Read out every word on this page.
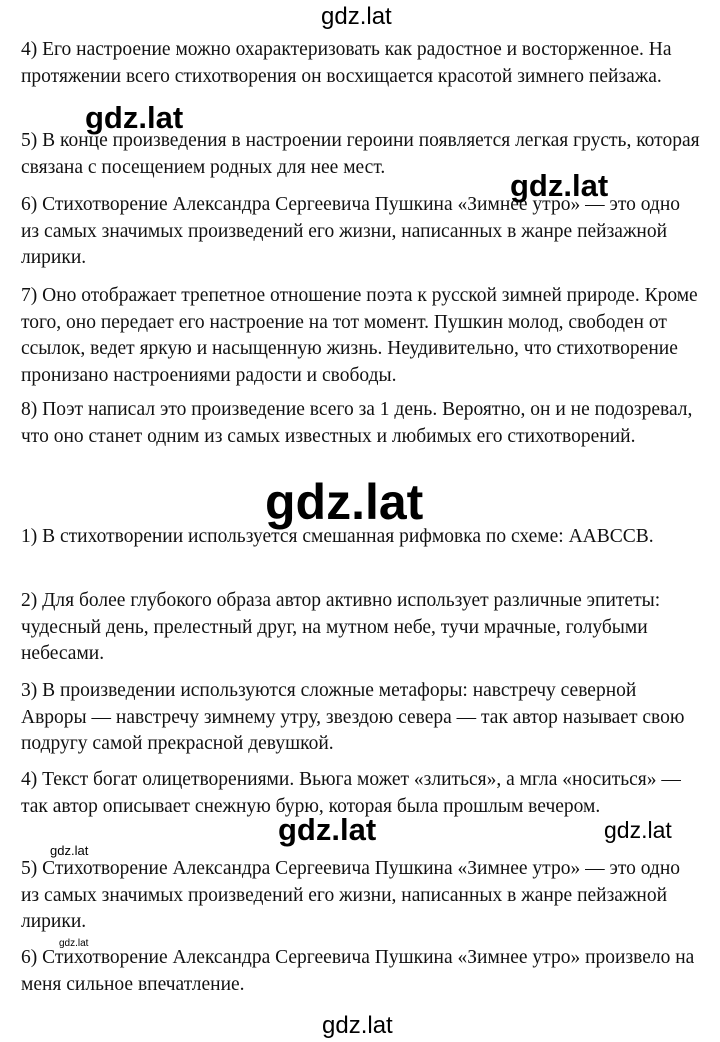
4) Его настроение можно охарактеризовать как радостное и восторженное. На протяжении всего стихотворения он восхищается красотой зимнего пейзажа.

5) В конце произведения в настроении героини появляется легкая грусть, которая связана с посещением родных для нее мест.

6) Стихотворение Александра Сергеевича Пушкина «Зимнее утро» — это одно из самых значимых произведений его жизни, написанных в жанре пейзажной лирики.

7) Оно отображает трепетное отношение поэта к русской зимней природе. Кроме того, оно передает его настроение на тот момент. Пушкин молод, свободен от ссылок, ведет яркую и насыщенную жизнь. Неудивительно, что стихотворение пронизано настроениями радости и свободы.

8) Поэт написал это произведение всего за 1 день. Вероятно, он и не подозревал, что оно станет одним из самых известных и любимых его стихотворений.

1) В стихотворении используется смешанная рифмовка по схеме: ААВССВ.

2) Для более глубокого образа автор активно использует различные эпитеты: чудесный день, прелестный друг, на мутном небе, тучи мрачные, голубыми небесами.

3) В произведении используются сложные метафоры: навстречу северной Авроры — навстречу зимнему утру, звездою севера — так автор называет свою подругу самой прекрасной девушкой.

4) Текст богат олицетворениями. Вьюга может «злиться», а мгла «носиться» — так автор описывает снежную бурю, которая была прошлым вечером.

5) Стихотворение Александра Сергеевича Пушкина «Зимнее утро» — это одно из самых значимых произведений его жизни, написанных в жанре пейзажной лирики.

6) Стихотворение Александра Сергеевича Пушкина «Зимнее утро» произвело на меня сильное впечатление.

gdz.lat
gdz.lat
gdz.lat
gdz.lat
gdz.lat	gdz.lat
gdz.lat
gdz.lat
gdz.lat
